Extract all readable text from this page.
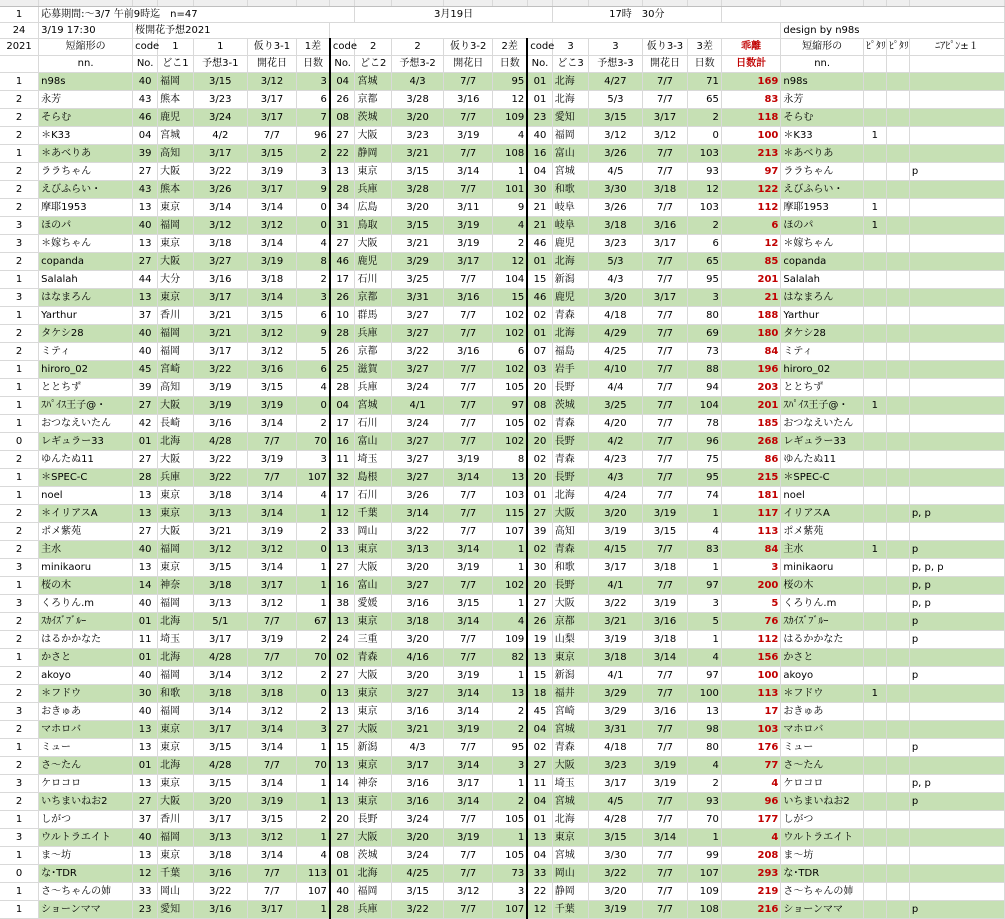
1	応募期間:～3/7 午前9時迄　n=47							3月19日					17時　30分								
24	3/19 17:30	桜開花予想2021																design by n98s			
2021	短縮形の	code	1	1	仮り3-1	1差	code	2	2	仮り3-2	2差	code	3	3	仮り3-3	3差	乖離	短縮形の	ﾋﾟﾀﾘ	ﾋﾟﾀﾘ	ﾆｱﾋﾟﾝ±１
	nn.	No.	どこ1	予想3-1	開花日	日数	No.	どこ2	予想3-2	開花日	日数	No.	どこ3	予想3-3	開花日	日数	日数計	nn.			
1	n98s	40	福岡	3/15	3/12	3	04	宮城	4/3	7/7	95	01	北海	4/27	7/7	71	169	n98s			
2	永芳	43	熊本	3/23	3/17	6	26	京都	3/28	3/16	12	01	北海	5/3	7/7	65	83	永芳			
2	そらむ	46	鹿児	3/24	3/17	7	08	茨城	3/20	7/7	109	23	愛知	3/15	3/17	2	118	そらむ			
2	＊K33	04	宮城	4/2	7/7	96	27	大阪	3/23	3/19	4	40	福岡	3/12	3/12	0	100	＊K33	1		
1	＊あべりあ	39	高知	3/17	3/15	2	22	静岡	3/21	7/7	108	16	富山	3/26	7/7	103	213	＊あべりあ			
2	ララちゃん	27	大阪	3/22	3/19	3	13	東京	3/15	3/14	1	04	宮城	4/5	7/7	93	97	ララちゃん			p
2	えびふらい・	43	熊本	3/26	3/17	9	28	兵庫	3/28	7/7	101	30	和歌	3/30	3/18	12	122	えびふらい・			
2	摩耶1953	13	東京	3/14	3/14	0	34	広島	3/20	3/11	9	21	岐阜	3/26	7/7	103	112	摩耶1953	1		
3	ほのパ	40	福岡	3/12	3/12	0	31	鳥取	3/15	3/19	4	21	岐阜	3/18	3/16	2	6	ほのパ	1		
3	＊嫁ちゃん	13	東京	3/18	3/14	4	27	大阪	3/21	3/19	2	46	鹿児	3/23	3/17	6	12	＊嫁ちゃん			
2	copanda	27	大阪	3/27	3/19	8	46	鹿児	3/29	3/17	12	01	北海	5/3	7/7	65	85	copanda			
1	Salalah	44	大分	3/16	3/18	2	17	石川	3/25	7/7	104	15	新潟	4/3	7/7	95	201	Salalah			
3	はなまろん	13	東京	3/17	3/14	3	26	京都	3/31	3/16	15	46	鹿児	3/20	3/17	3	21	はなまろん			
1	Yarthur	37	香川	3/21	3/15	6	10	群馬	3/27	7/7	102	02	青森	4/18	7/7	80	188	Yarthur			
2	タケシ28	40	福岡	3/21	3/12	9	28	兵庫	3/27	7/7	102	01	北海	4/29	7/7	69	180	タケシ28			
2	ミティ	40	福岡	3/17	3/12	5	26	京都	3/22	3/16	6	07	福島	4/25	7/7	73	84	ミティ			
1	hiroro_02	45	宮崎	3/22	3/16	6	25	滋賀	3/27	7/7	102	03	岩手	4/10	7/7	88	196	hiroro_02			
1	ととちず	39	高知	3/19	3/15	4	28	兵庫	3/24	7/7	105	20	長野	4/4	7/7	94	203	ととちず			
1	ｽﾊﾟｲｽ王子@・	27	大阪	3/19	3/19	0	04	宮城	4/1	7/7	97	08	茨城	3/25	7/7	104	201	ｽﾊﾟｲｽ王子@・	1		
1	おつなえいたん	42	長崎	3/16	3/14	2	17	石川	3/24	7/7	105	02	青森	4/20	7/7	78	185	おつなえいたん			
0	レギュラー33	01	北海	4/28	7/7	70	16	富山	3/27	7/7	102	20	長野	4/2	7/7	96	268	レギュラー33			
2	ゆんたぬ11	27	大阪	3/22	3/19	3	11	埼玉	3/27	3/19	8	02	青森	4/23	7/7	75	86	ゆんたぬ11			
1	＊SPEC-C	28	兵庫	3/22	7/7	107	32	島根	3/27	3/14	13	20	長野	4/3	7/7	95	215	＊SPEC-C			
1	noel	13	東京	3/18	3/14	4	17	石川	3/26	7/7	103	01	北海	4/24	7/7	74	181	noel			
2	＊イリアスA	13	東京	3/13	3/14	1	12	千葉	3/14	7/7	115	27	大阪	3/20	3/19	1	117	イリアスA			p, p
2	ポメ紫苑	27	大阪	3/21	3/19	2	33	岡山	3/22	7/7	107	39	高知	3/19	3/15	4	113	ポメ紫苑			
2	主水	40	福岡	3/12	3/12	0	13	東京	3/13	3/14	1	02	青森	4/15	7/7	83	84	主水	1		p
3	minikaoru	13	東京	3/15	3/14	1	27	大阪	3/20	3/19	1	30	和歌	3/17	3/18	1	3	minikaoru			p, p, p
1	桜の木	14	神奈	3/18	3/17	1	16	富山	3/27	7/7	102	20	長野	4/1	7/7	97	200	桜の木			p, p
3	くろりん.m	40	福岡	3/13	3/12	1	38	愛媛	3/16	3/15	1	27	大阪	3/22	3/19	3	5	くろりん.m			p, p
2	ｽｶｲｽﾞﾌﾞﾙｰ	01	北海	5/1	7/7	67	13	東京	3/18	3/14	4	26	京都	3/21	3/16	5	76	ｽｶｲｽﾞﾌﾞﾙｰ			p
2	はるかかなた	11	埼玉	3/17	3/19	2	24	三重	3/20	7/7	109	19	山梨	3/19	3/18	1	112	はるかかなた			p
1	かさと	01	北海	4/28	7/7	70	02	青森	4/16	7/7	82	13	東京	3/18	3/14	4	156	かさと			
2	akoyo	40	福岡	3/14	3/12	2	27	大阪	3/20	3/19	1	15	新潟	4/1	7/7	97	100	akoyo			p
2	＊フドウ	30	和歌	3/18	3/18	0	13	東京	3/27	3/14	13	18	福井	3/29	7/7	100	113	＊フドウ	1		
3	おきゅあ	40	福岡	3/14	3/12	2	13	東京	3/16	3/14	2	45	宮崎	3/29	3/16	13	17	おきゅあ			
2	マホロバ	13	東京	3/17	3/14	3	27	大阪	3/21	3/19	2	04	宮城	3/31	7/7	98	103	マホロバ			
1	ミュー	13	東京	3/15	3/14	1	15	新潟	4/3	7/7	95	02	青森	4/18	7/7	80	176	ミュー			p
2	さ～たん	01	北海	4/28	7/7	70	13	東京	3/17	3/14	3	27	大阪	3/23	3/19	4	77	さ～たん			
3	ケロコロ	13	東京	3/15	3/14	1	14	神奈	3/16	3/17	1	11	埼玉	3/17	3/19	2	4	ケロコロ			p, p
2	いちまいねお2	27	大阪	3/20	3/19	1	13	東京	3/16	3/14	2	04	宮城	4/5	7/7	93	96	いちまいねお2			p
1	しがつ	37	香川	3/17	3/15	2	20	長野	3/24	7/7	105	01	北海	4/28	7/7	70	177	しがつ			
3	ウルトラエイト	40	福岡	3/13	3/12	1	27	大阪	3/20	3/19	1	13	東京	3/15	3/14	1	4	ウルトラエイト			
1	ま～坊	13	東京	3/18	3/14	4	08	茨城	3/24	7/7	105	04	宮城	3/30	7/7	99	208	ま～坊			
0	な･TDR	12	千葉	3/16	7/7	113	01	北海	4/25	7/7	73	33	岡山	3/22	7/7	107	293	な･TDR			
1	さ～ちゃんの姉	33	岡山	3/22	7/7	107	40	福岡	3/15	3/12	3	22	静岡	3/20	7/7	109	219	さ～ちゃんの姉			
1	ショーンママ	23	愛知	3/16	3/17	1	28	兵庫	3/22	7/7	107	12	千葉	3/19	7/7	108	216	ショーンママ			p
